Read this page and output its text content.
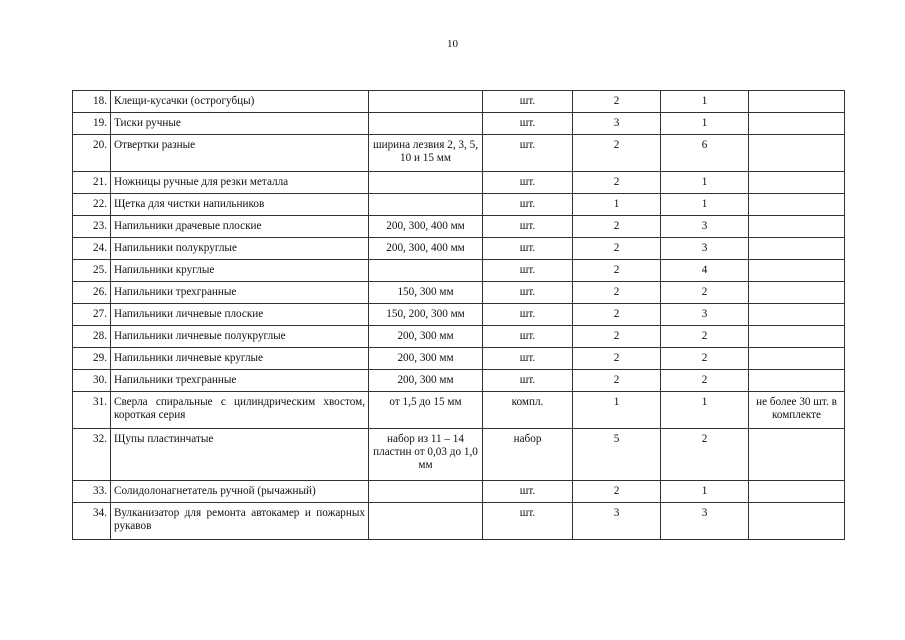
10
18.	Клещи-кусачки (острогубцы)		шт.	2	1	
19.	Тиски ручные		шт.	3	1	
20.	Отвертки разные	ширина лезвия 2, 3, 5, 10 и 15 мм	шт.	2	6	
21.	Ножницы ручные для резки металла		шт.	2	1	
22.	Щетка для чистки напильников		шт.	1	1	
23.	Напильники драчевые плоские	200, 300, 400 мм	шт.	2	3	
24.	Напильники полукруглые	200, 300, 400 мм	шт.	2	3	
25.	Напильники круглые		шт.	2	4	
26.	Напильники трехгранные	150, 300 мм	шт.	2	2	
27.	Напильники личневые плоские	150, 200, 300 мм	шт.	2	3	
28.	Напильники личневые полукруглые	200, 300 мм	шт.	2	2	
29.	Напильники личневые круглые	200, 300 мм	шт.	2	2	
30.	Напильники трехгранные	200, 300 мм	шт.	2	2	
31.	Сверла спиральные с цилиндрическим хвостом, короткая серия	от 1,5 до 15 мм	компл.	1	1	не более 30 шт. в комплекте
32.	Щупы пластинчатые	набор из 11 – 14 пластин от 0,03 до 1,0 мм	набор	5	2	
33.	Солидолонагнетатель ручной (рычажный)		шт.	2	1	
34.	Вулканизатор для ремонта автокамер и пожарных рукавов		шт.	3	3	
